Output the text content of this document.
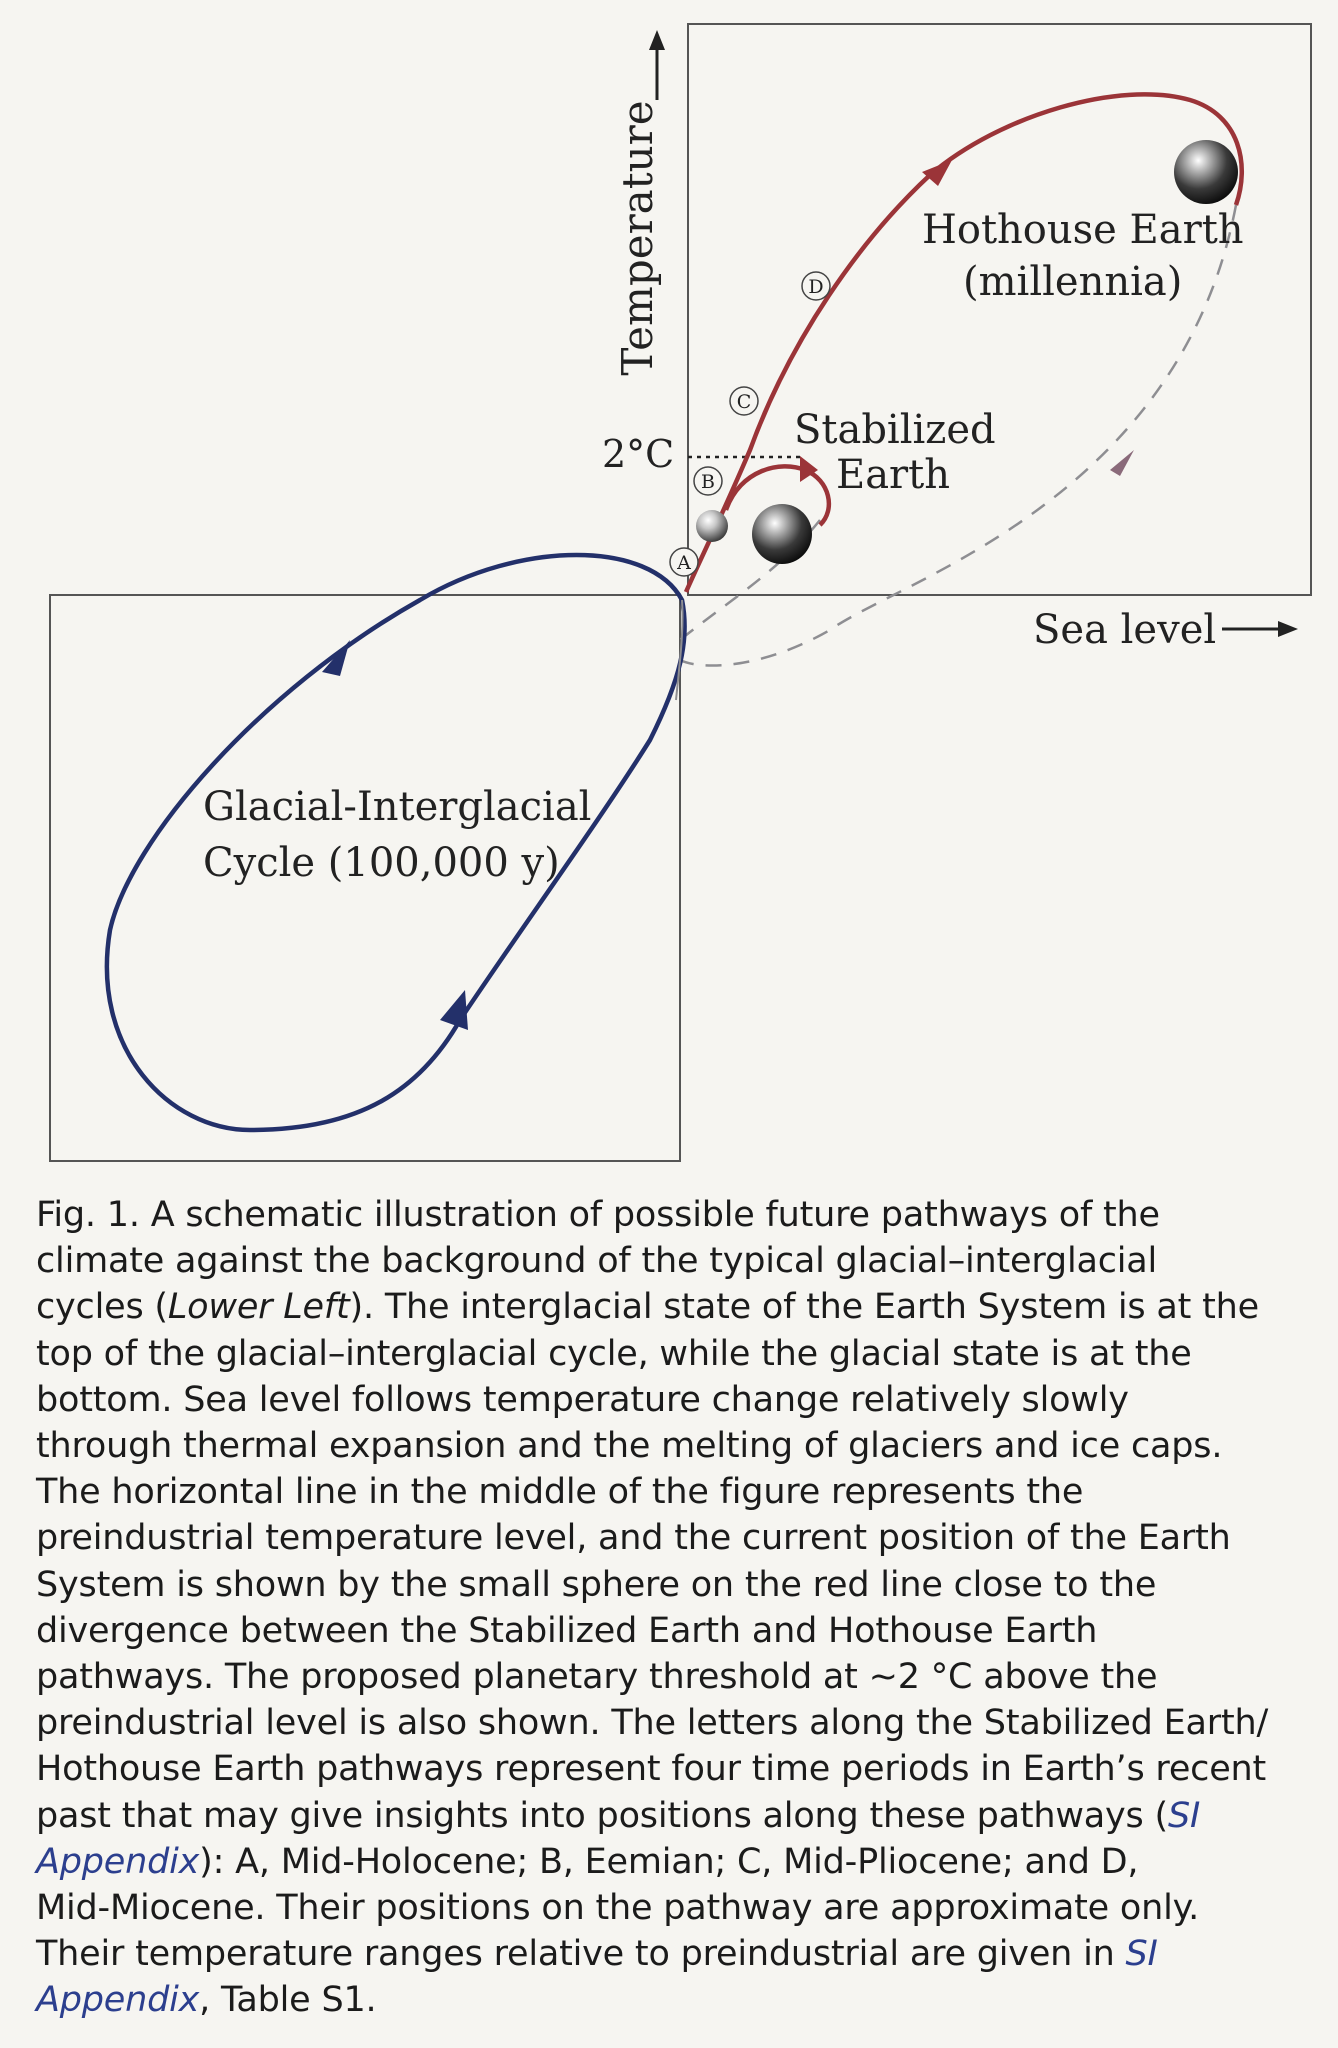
Temperature
Sea level
2°C
A
B
C
D
Hothouse Earth
(millennia)
Stabilized
Earth
Glacial-Interglacial
Cycle (100,000 y)
Fig. 1. A schematic illustration of possible future pathways of the
climate against the background of the typical glacial–interglacial
cycles (Lower Left). The interglacial state of the Earth System is at the
top of the glacial–interglacial cycle, while the glacial state is at the
bottom. Sea level follows temperature change relatively slowly
through thermal expansion and the melting of glaciers and ice caps.
The horizontal line in the middle of the figure represents the
preindustrial temperature level, and the current position of the Earth
System is shown by the small sphere on the red line close to the
divergence between the Stabilized Earth and Hothouse Earth
pathways. The proposed planetary threshold at ~2 °C above the
preindustrial level is also shown. The letters along the Stabilized Earth/
Hothouse Earth pathways represent four time periods in Earth’s recent
past that may give insights into positions along these pathways (SI
Appendix): A, Mid-Holocene; B, Eemian; C, Mid-Pliocene; and D,
Mid-Miocene. Their positions on the pathway are approximate only.
Their temperature ranges relative to preindustrial are given in SI
Appendix, Table S1.
